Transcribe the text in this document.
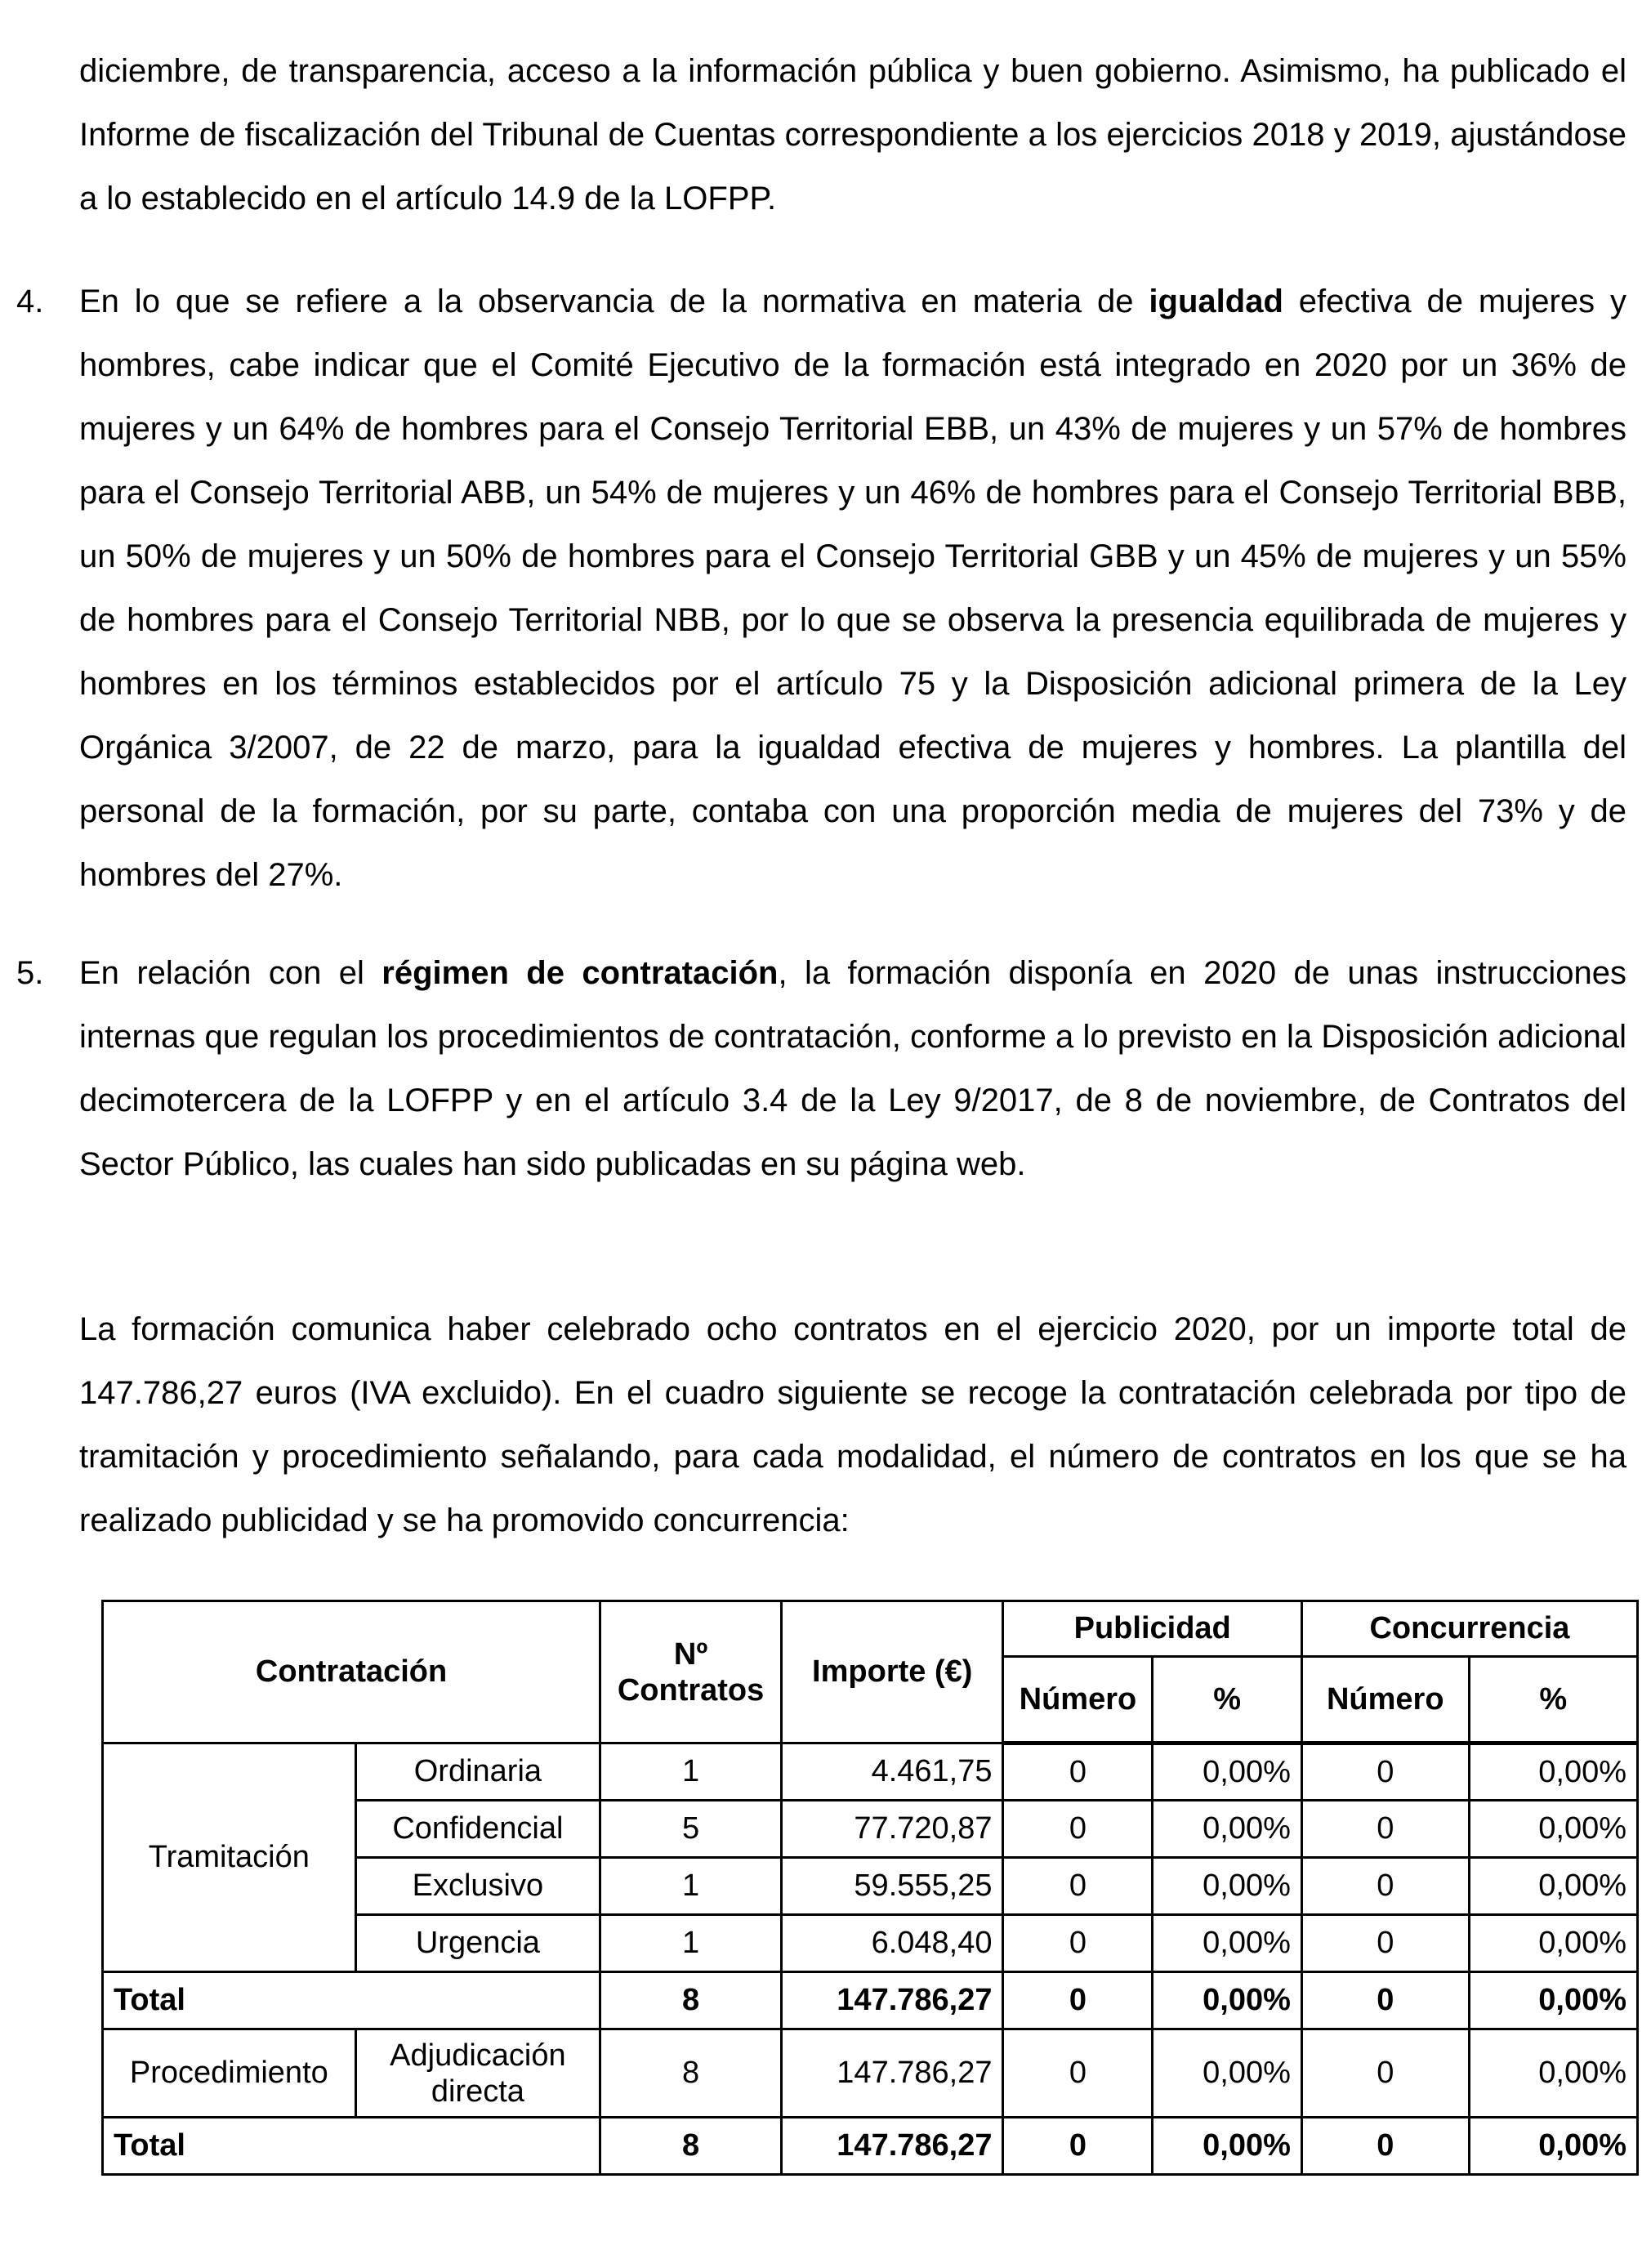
diciembre, de transparencia, acceso a la información pública y buen gobierno. Asimismo, ha publicado el Informe de fiscalización del Tribunal de Cuentas correspondiente a los ejercicios 2018 y 2019, ajustándose a lo establecido en el artículo 14.9 de la LOFPP.

4. En lo que se refiere a la observancia de la normativa en materia de igualdad efectiva de mujeres y hombres, cabe indicar que el Comité Ejecutivo de la formación está integrado en 2020 por un 36% de mujeres y un 64% de hombres para el Consejo Territorial EBB, un 43% de mujeres y un 57% de hombres para el Consejo Territorial ABB, un 54% de mujeres y un 46% de hombres para el Consejo Territorial BBB, un 50% de mujeres y un 50% de hombres para el Consejo Territorial GBB y un 45% de mujeres y un 55% de hombres para el Consejo Territorial NBB, por lo que se observa la presencia equilibrada de mujeres y hombres en los términos establecidos por el artículo 75 y la Disposición adicional primera de la Ley Orgánica 3/2007, de 22 de marzo, para la igualdad efectiva de mujeres y hombres. La plantilla del personal de la formación, por su parte, contaba con una proporción media de mujeres del 73% y de hombres del 27%.

5. En relación con el régimen de contratación, la formación disponía en 2020 de unas instrucciones internas que regulan los procedimientos de contratación, conforme a lo previsto en la Disposición adicional decimotercera de la LOFPP y en el artículo 3.4 de la Ley 9/2017, de 8 de noviembre, de Contratos del Sector Público, las cuales han sido publicadas en su página web.

La formación comunica haber celebrado ocho contratos en el ejercicio 2020, por un importe total de 147.786,27 euros (IVA excluido). En el cuadro siguiente se recoge la contratación celebrada por tipo de tramitación y procedimiento señalando, para cada modalidad, el número de contratos en los que se ha realizado publicidad y se ha promovido concurrencia:

Contratación		Nº Contratos	Importe (€)	Publicidad		Concurrencia	
				Número	%	Número	%
Tramitación	Ordinaria	1	4.461,75	0	0,00%	0	0,00%
	Confidencial	5	77.720,87	0	0,00%	0	0,00%
	Exclusivo	1	59.555,25	0	0,00%	0	0,00%
	Urgencia	1	6.048,40	0	0,00%	0	0,00%
Total		8	147.786,27	0	0,00%	0	0,00%
Procedimiento	Adjudicación directa	8	147.786,27	0	0,00%	0	0,00%
Total		8	147.786,27	0	0,00%	0	0,00%
